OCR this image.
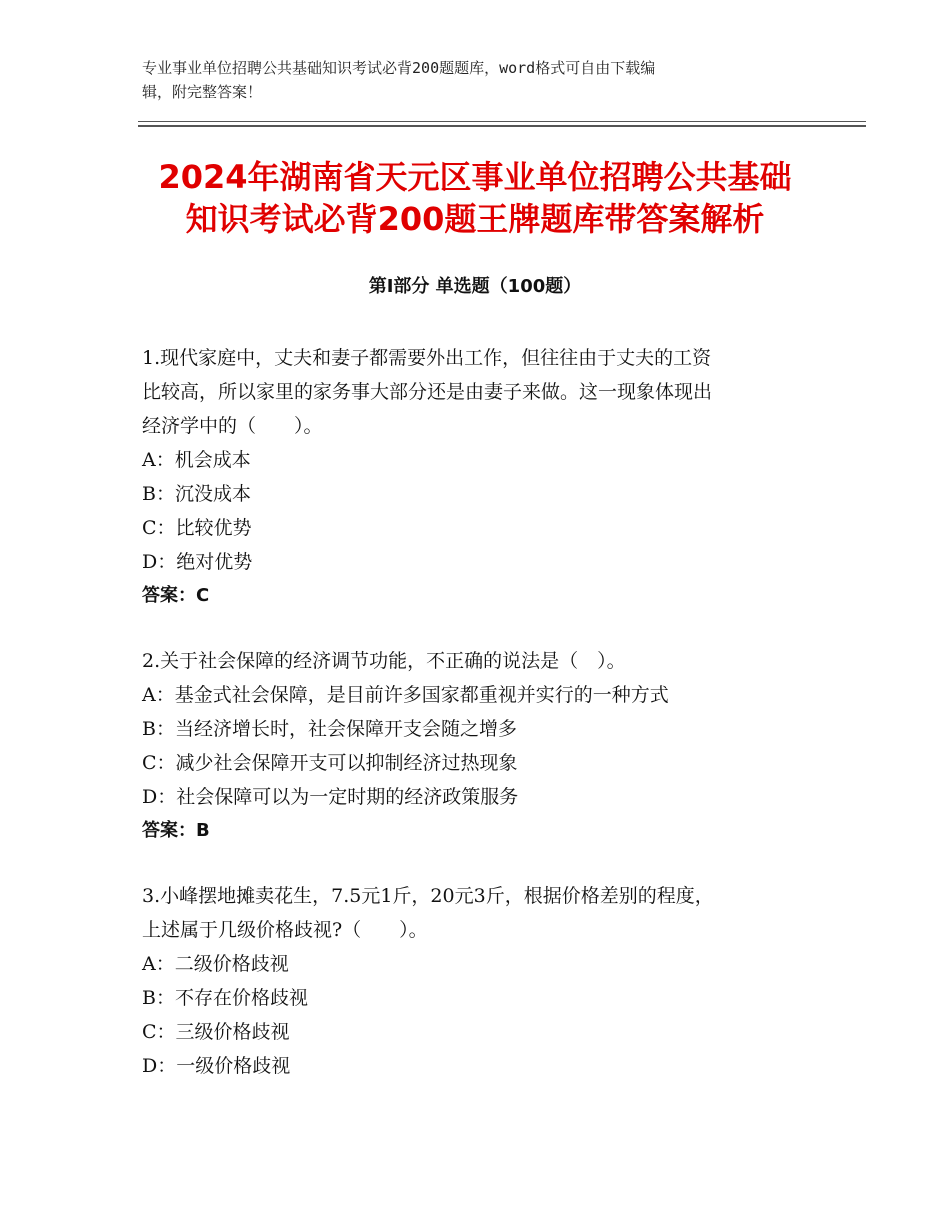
专业事业单位招聘公共基础知识考试必背200题题库，word格式可自由下载编
辑，附完整答案！
2024年湖南省天元区事业单位招聘公共基础
知识考试必背200题王牌题库带答案解析
第Ⅰ部分 单选题（100题）
1.现代家庭中，丈夫和妻子都需要外出工作，但往往由于丈夫的工资
比较高，所以家里的家务事大部分还是由妻子来做。这一现象体现出
经济学中的（　　）。
A：机会成本
B：沉没成本
C：比较优势
D：绝对优势
答案：C
2.关于社会保障的经济调节功能，不正确的说法是（　）。
A：基金式社会保障，是目前许多国家都重视并实行的一种方式
B：当经济增长时，社会保障开支会随之增多
C：减少社会保障开支可以抑制经济过热现象
D：社会保障可以为一定时期的经济政策服务
答案：B
3.小峰摆地摊卖花生，7.5元1斤，20元3斤，根据价格差别的程度，
上述属于几级价格歧视?（　　）。
A：二级价格歧视
B：不存在价格歧视
C：三级价格歧视
D：一级价格歧视
